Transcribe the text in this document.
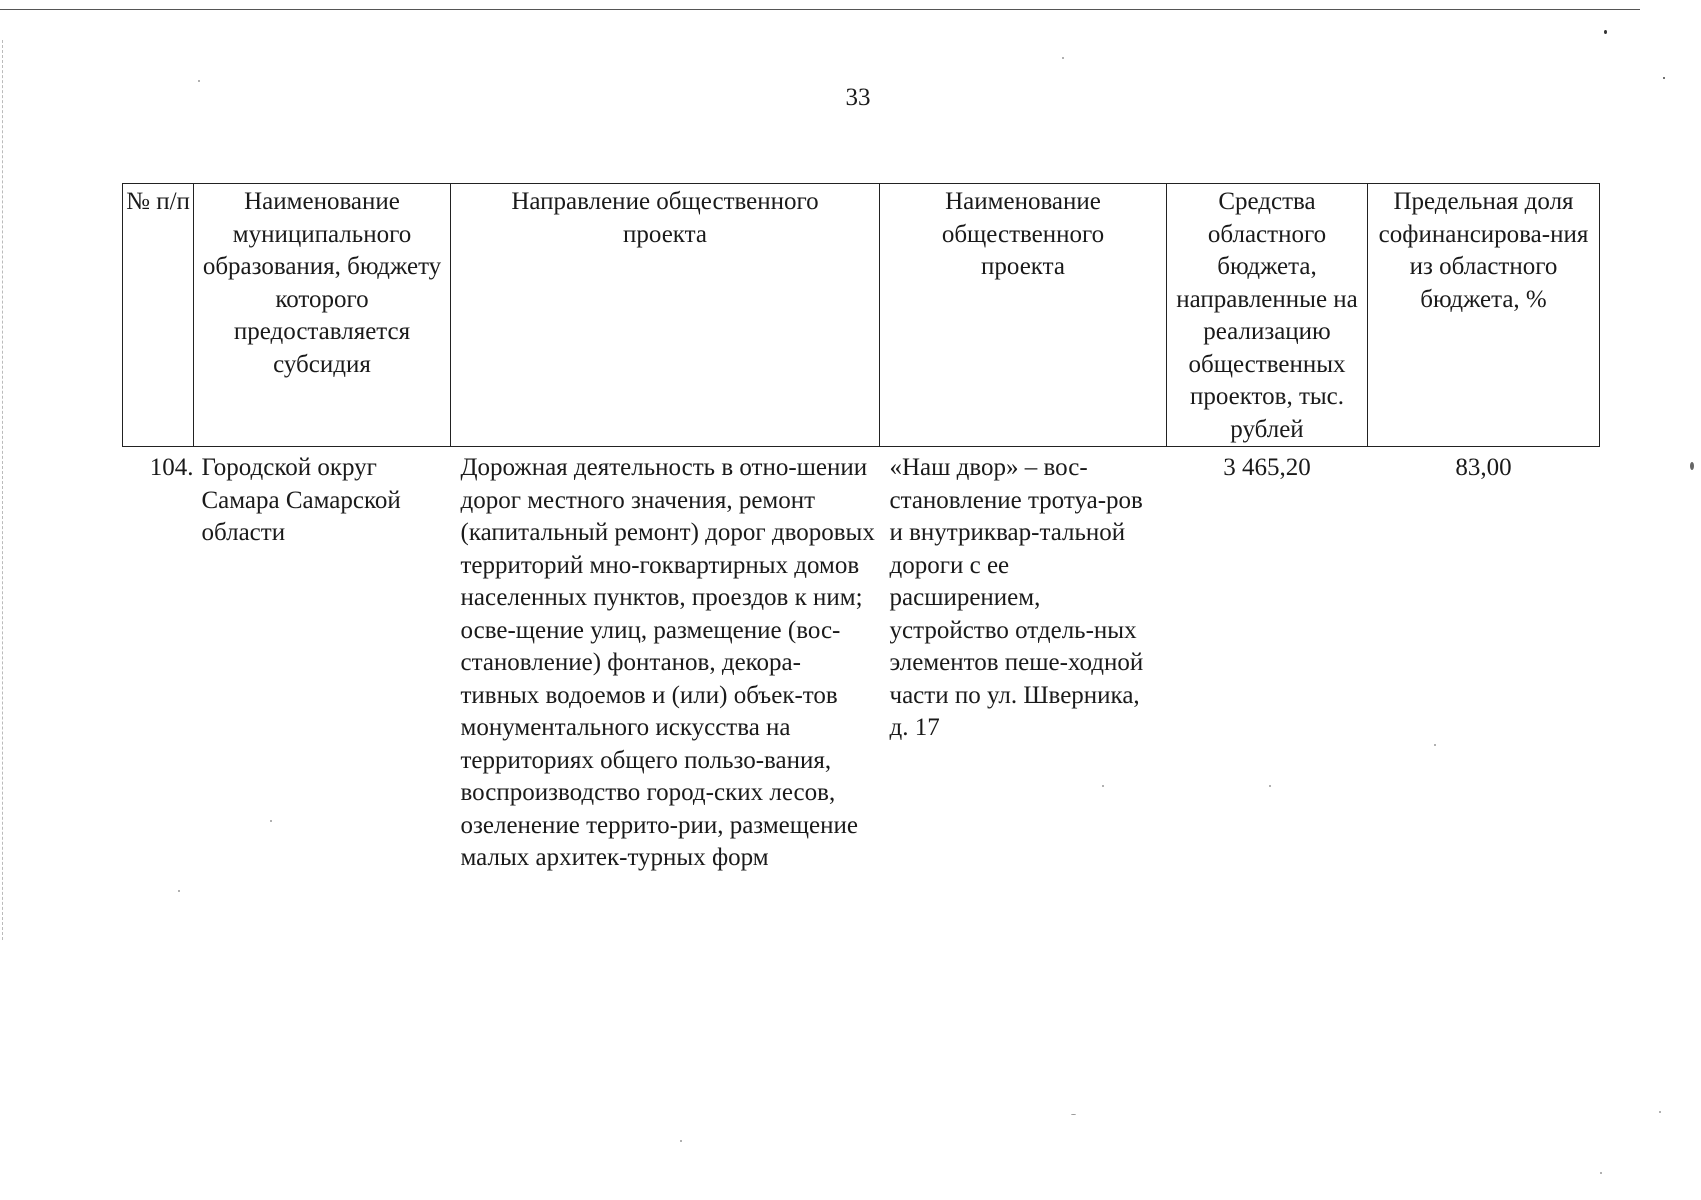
33
№ п/п	Наименование муниципального образования, бюджету которого предоставляется субсидия	Направление общественного проекта	Наименование общественного проекта	Средства областного бюджета, направленные на реализацию общественных проектов, тыс. рублей	Предельная доля софинансирова-ния из областного бюджета, %
104.	Городской округ Самара Самарской области	Дорожная деятельность в отно-шении дорог местного значения, ремонт (капитальный ремонт) дорог дворовых территорий мно-гоквартирных домов населенных пунктов, проездов к ним; осве-щение улиц, размещение (вос-становление) фонтанов, декора-тивных водоемов и (или) объек-тов монументального искусства на территориях общего пользо-вания, воспроизводство город-ских лесов, озеленение террито-рии, размещение малых архитек-турных форм	«Наш двор» – вос-становление тротуа-ров и внутриквар-тальной дороги с ее расширением, устройство отдель-ных элементов пеше-ходной части по ул. Шверника, д. 17	3 465,20	83,00
